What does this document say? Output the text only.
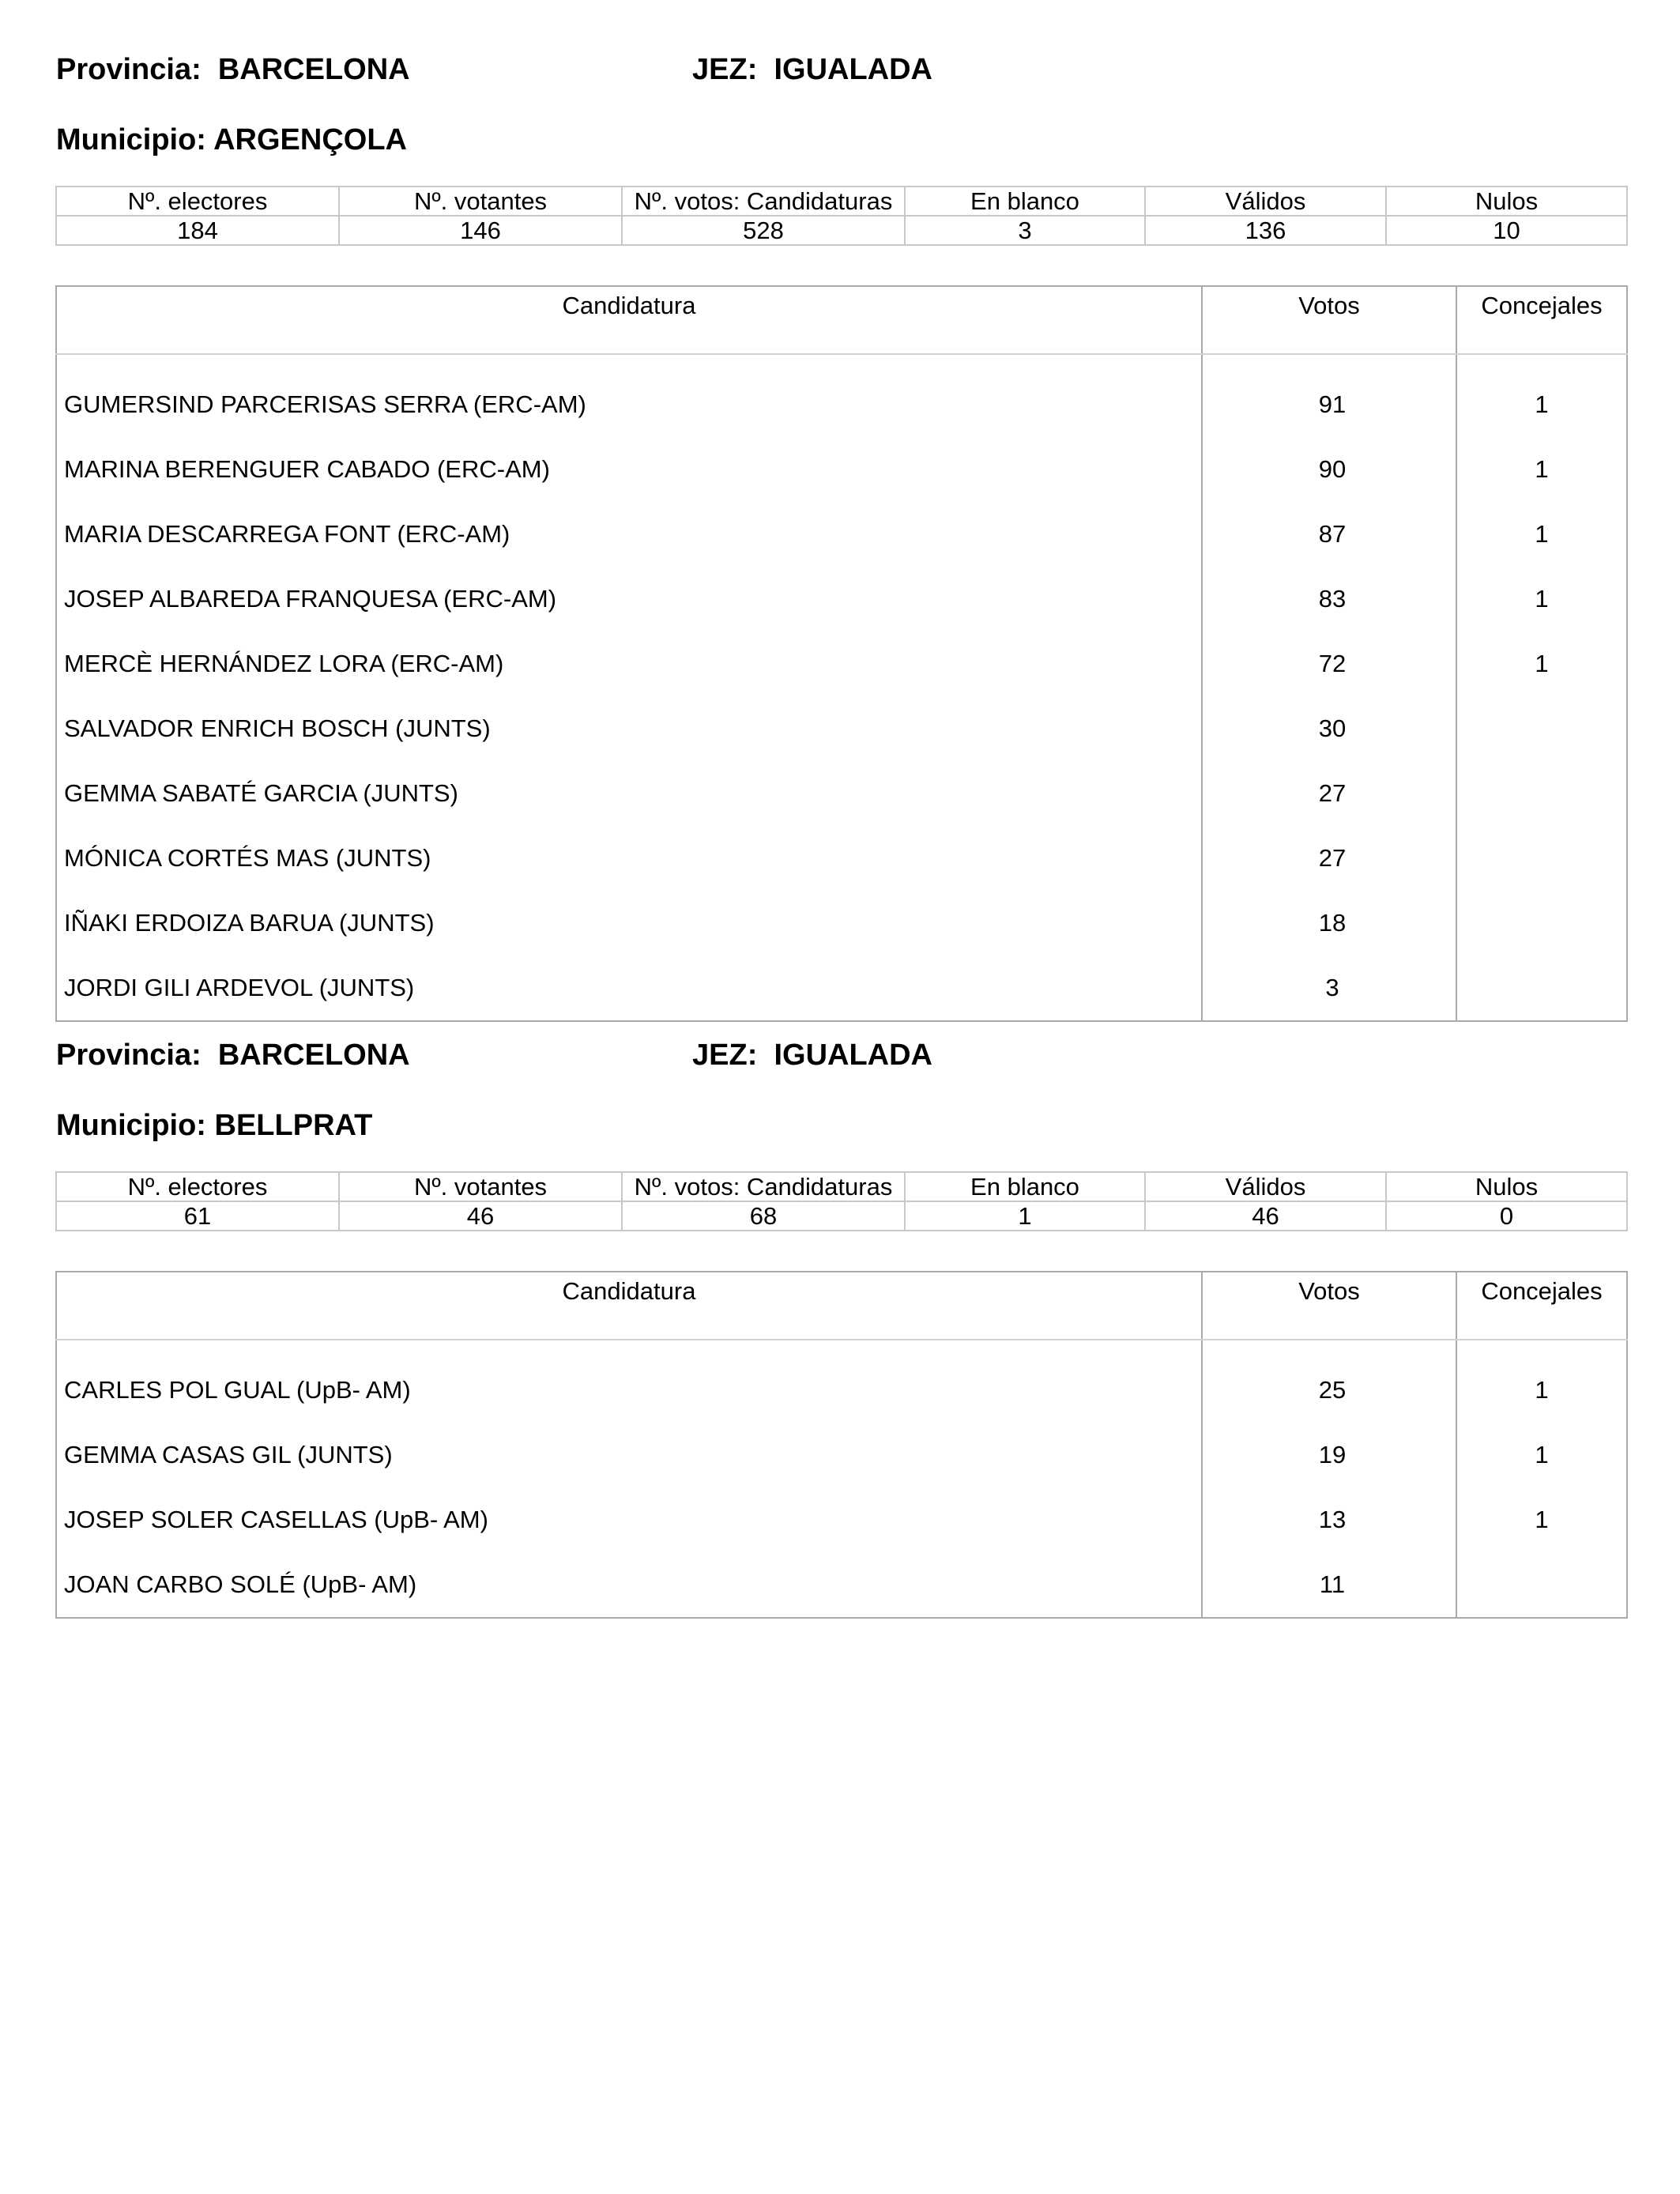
Provincia:  BARCELONA	JEZ:  IGUALADA
Municipio: ARGENÇOLA
Nº. electores	Nº. votantes	Nº. votos: Candidaturas	En blanco	Válidos	Nulos
184	146	528	3	136	10
Candidatura	Votos	Concejales

GUMERSIND PARCERISAS SERRA (ERC-AM)	91	1
MARINA BERENGUER CABADO (ERC-AM)	90	1
MARIA DESCARREGA FONT (ERC-AM)	87	1
JOSEP ALBAREDA FRANQUESA (ERC-AM)	83	1
MERCÈ HERNÁNDEZ LORA (ERC-AM)	72	1
SALVADOR ENRICH BOSCH (JUNTS)	30	
GEMMA SABATÉ GARCIA (JUNTS)	27	
MÓNICA CORTÉS MAS (JUNTS)	27	
IÑAKI ERDOIZA BARUA (JUNTS)	18	
JORDI GILI ARDEVOL (JUNTS)	3	
Provincia:  BARCELONA	JEZ:  IGUALADA
Municipio: BELLPRAT
Nº. electores	Nº. votantes	Nº. votos: Candidaturas	En blanco	Válidos	Nulos
61	46	68	1	46	0
Candidatura	Votos	Concejales

CARLES POL GUAL (UpB- AM)	25	1
GEMMA CASAS GIL (JUNTS)	19	1
JOSEP SOLER CASELLAS (UpB- AM)	13	1
JOAN CARBO SOLÉ (UpB- AM)	11	
